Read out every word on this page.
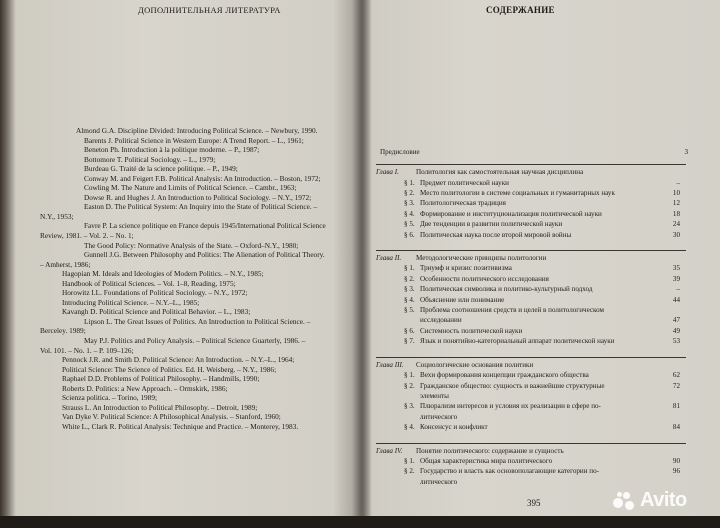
ДОПОЛНИТЕЛЬНАЯ ЛИТЕРАТУРА
Almond G.A. Discipline Divided: Introducing Political Science. – Newbury, 1990.
Barents J. Political Science in Western Europe: A Trend Report. – L., 1961;
Beneton Ph. Introduction à la politique moderne. – P., 1987;
Bottomore T. Political Sociology. – L., 1979;
Burdeau G. Traité de la science politique. – P., 1949;
Conway M. and Feigert F.B. Political Analysis: An Introduction. – Boston, 1972;
Cowling M. The Nature and Limits of Political Science. – Cambr., 1963;
Dowse R. and Hughes J. An Introduction to Political Sociology. – N.Y., 1972;
Easton D. The Political System: An Inquiry into the State of Political Science. –
N.Y., 1953;
Favre P. La science politique en France depuis 1945/International Political Science
Review, 1981. – Vol. 2. – No. 1;
The Good Policy: Normative Analysis of the State. – Oxford–N.Y., 1980;
Gunnell J.G. Between Philosophy and Politics: The Alienation of Political Theory.
– Amherst, 1986;
Hagopian M. Ideals and Ideologies of Modern Politics. – N.Y., 1985;
Handbook of Political Sciences. – Vol. 1–8, Reading, 1975;
Horowitz I.L. Foundations of Political Sociology. – N.Y., 1972;
Introducing Political Science. – N.Y.–L., 1985;
Kavangh D. Political Science and Political Behavior. – L., 1983;
Lipson L. The Great Issues of Politics. An Introduction to Political Science. –
Berceley. 1989;
May P.J. Politics and Policy Analysis. – Political Science Guarterly, 1986. –
Vol. 101. – No. 1. – P. 109–126;
Pennock J.R. and Smith D. Political Science: An Introduction. – N.Y.–L., 1964;
Political Science: The Science of Politics. Ed. H. Weisberg. – N.Y., 1986;
Raphael D.D. Problems of Political Philosophy. – Handmills, 1990;
Roberts D. Politics: a New Approach. – Ormskirk, 1986;
Scienza politica. – Torino, 1989;
Strauss L. An Introduction to Political Philosophy. – Detroit, 1989;
Van Dyke V. Political Science: A Philosophical Analysis. – Stanford, 1960;
White L., Clark R. Political Analysis: Technique and Practice. – Monterey, 1983.
СОДЕРЖАНИЕ
Предисловие	3
Глава I. Политология как самостоятельная научная дисциплина
§ 1. Предмет политической науки	–
§ 2. Место политологии в системе социальных и гуманитарных наук	10
§ 3. Политологическая традиция	12
§ 4. Формирование и институционализация политической науки	18
§ 5. Две тенденции в развитии политической науки	24
§ 6. Политическая наука после второй мировой войны	30
Глава II. Методологические принципы политологии
§ 1. Триумф и кризис позитивизма	35
§ 2. Особенности политического исследования	39
§ 3. Политическая символика и политико-культурный подход	–
§ 4. Объяснение или понимание	44
§ 5. Проблема соотношения средств и целей в политологическом
исследовании	47
§ 6. Системность политической науки	49
§ 7. Язык и понятийно-категориальный аппарат политической науки	53
Глава III. Социологические основания политики
§ 1. Вехи формирования концепции гражданского общества	62
§ 2. Гражданское общество: сущность и важнейшие структурные	72
элементы
§ 3. Плюрализм интересов и условия их реализации в сфере по-	81
литического
§ 4. Консенсус и конфликт	84
Глава IV. Понятие политического: содержание и сущность
§ 1. Общая характеристика мира политического	90
§ 2. Государство и власть как основополагающие категории по-	96
литического
395	Avito
